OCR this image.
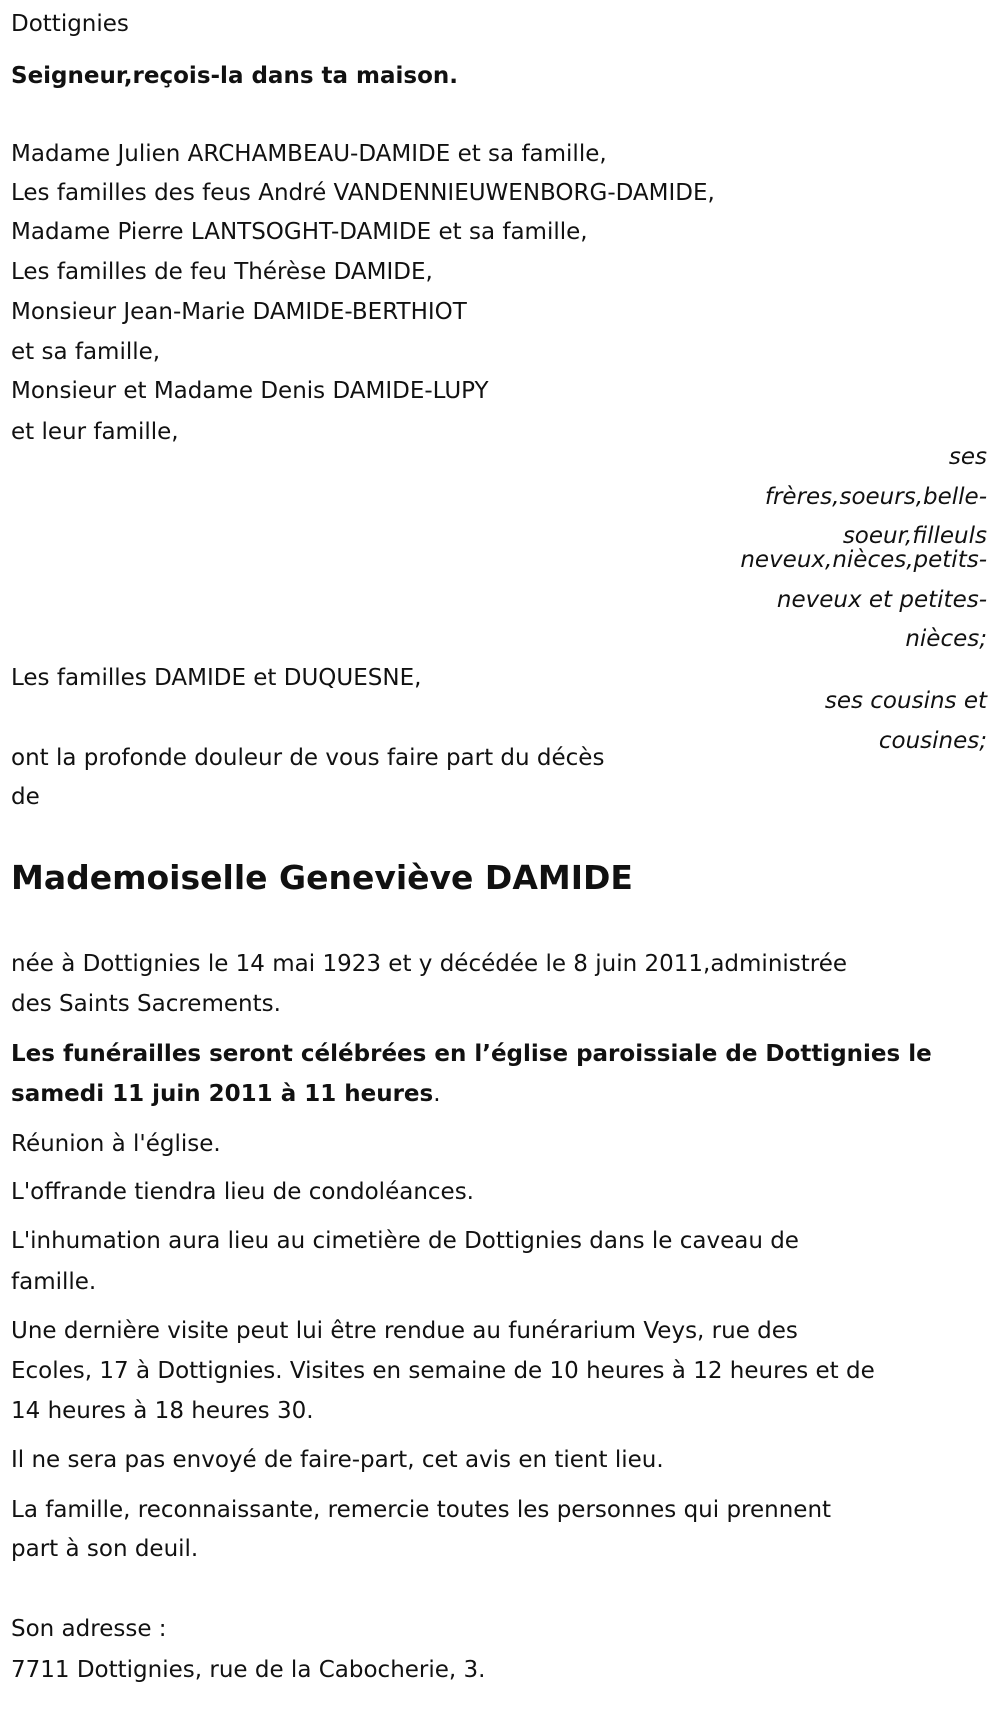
Dottignies
Seigneur,reçois-la dans ta maison.
Madame Julien ARCHAMBEAU-DAMIDE et sa famille,
Les familles des feus André VANDENNIEUWENBORG-DAMIDE,
Madame Pierre LANTSOGHT-DAMIDE et sa famille,
Les familles de feu Thérèse DAMIDE,
Monsieur Jean-Marie DAMIDE-BERTHIOT
et sa famille,
Monsieur et Madame Denis DAMIDE-LUPY
et leur famille,
ses
frères,soeurs,belle-
soeur,filleuls
neveux,nièces,petits-
neveux et petites-
nièces;
Les familles DAMIDE et DUQUESNE,
ses cousins et
cousines;
ont la profonde douleur de vous faire part du décès
de
Mademoiselle Geneviève DAMIDE
née à Dottignies le 14 mai 1923 et y décédée le 8 juin 2011,administrée
des Saints Sacrements.
Les funérailles seront célébrées en l’église paroissiale de Dottignies le
samedi 11 juin 2011 à 11 heures.
Réunion à l'église.
L'offrande tiendra lieu de condoléances.
L'inhumation aura lieu au cimetière de Dottignies dans le caveau de
famille.
Une dernière visite peut lui être rendue au funérarium Veys, rue des
Ecoles, 17 à Dottignies. Visites en semaine de 10 heures à 12 heures et de
14 heures à 18 heures 30.
Il ne sera pas envoyé de faire-part, cet avis en tient lieu.
La famille, reconnaissante, remercie toutes les personnes qui prennent
part à son deuil.
Son adresse :
7711 Dottignies, rue de la Cabocherie, 3.
